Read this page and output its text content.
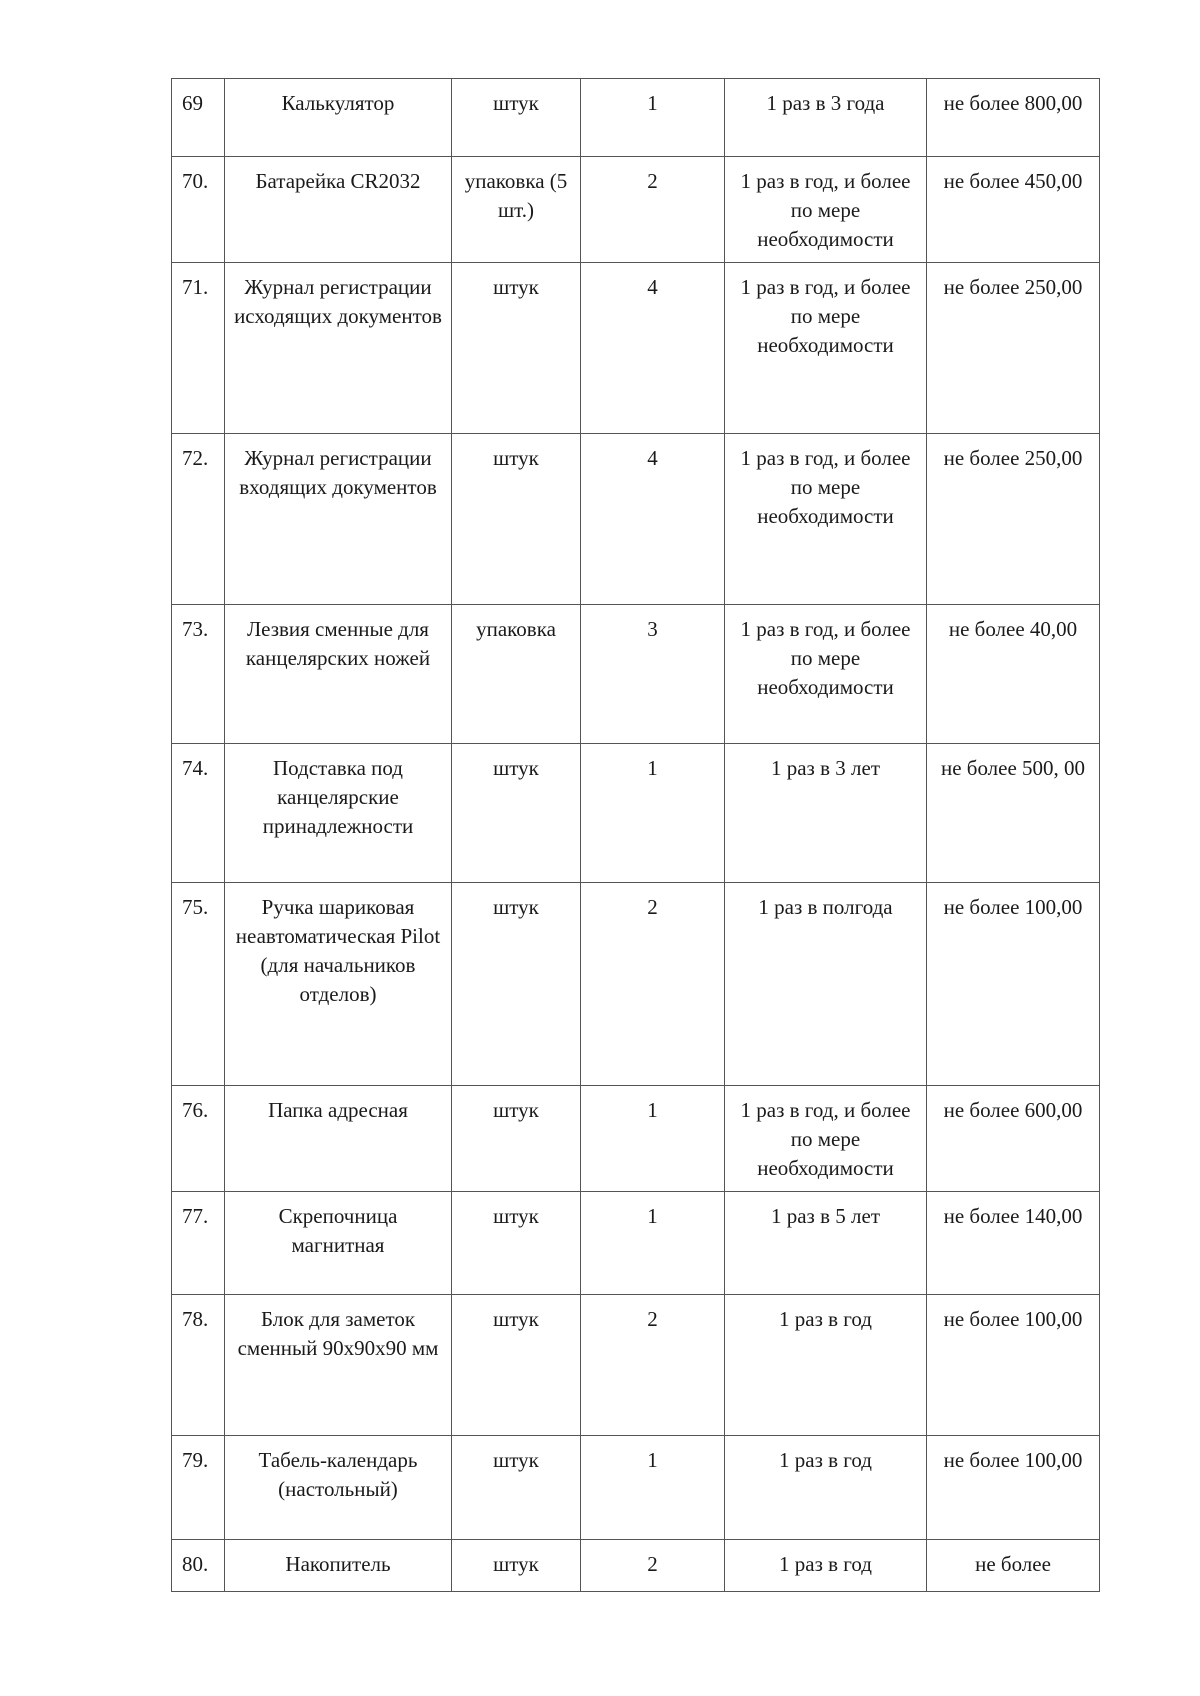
69	Калькулятор	штук	1	1 раз в 3 года	не более 800,00
70.	Батарейка CR2032	упаковка (5 шт.)	2	1 раз в год, и более по мере необходимости	не более 450,00
71.	Журнал регистрации исходящих документов	штук	4	1 раз в год, и более по мере необходимости	не более 250,00
72.	Журнал регистрации входящих документов	штук	4	1 раз в год, и более по мере необходимости	не более 250,00
73.	Лезвия сменные для канцелярских ножей	упаковка	3	1 раз в год, и более по мере необходимости	не более 40,00
74.	Подставка под канцелярские принадлежности	штук	1	1 раз в 3 лет	не более 500, 00
75.	Ручка шариковая неавтоматическая Pilot (для начальников отделов)	штук	2	1 раз в полгода	не более 100,00
76.	Папка адресная	штук	1	1 раз в год, и более по мере необходимости	не более 600,00
77.	Скрепочница магнитная	штук	1	1 раз в 5 лет	не более 140,00
78.	Блок для заметок сменный 90х90х90 мм	штук	2	1 раз в год	не более 100,00
79.	Табель-календарь (настольный)	штук	1	1 раз в год	не более 100,00
80.	Накопитель	штук	2	1 раз в год	не более
